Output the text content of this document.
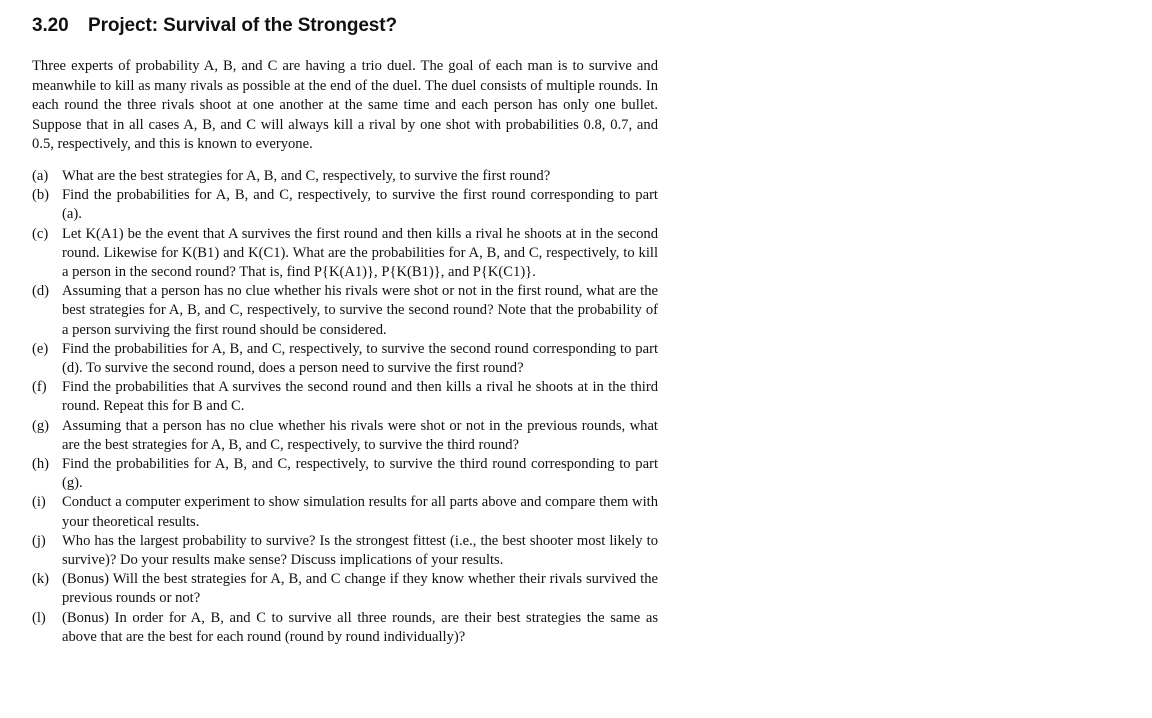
3.20 Project: Survival of the Strongest?

Three experts of probability A, B, and C are having a trio duel. The goal of each man is to survive and meanwhile to kill as many rivals as possible at the end of the duel. The duel consists of multiple rounds. In each round the three rivals shoot at one another at the same time and each person has only one bullet. Suppose that in all cases A, B, and C will always kill a rival by one shot with probabilities 0.8, 0.7, and 0.5, respectively, and this is known to everyone.

(a) What are the best strategies for A, B, and C, respectively, to survive the first round?
(b) Find the probabilities for A, B, and C, respectively, to survive the first round corresponding to part (a).
(c) Let K(A1) be the event that A survives the first round and then kills a rival he shoots at in the second round. Likewise for K(B1) and K(C1). What are the probabilities for A, B, and C, respectively, to kill a person in the second round? That is, find P{K(A1)}, P{K(B1)}, and P{K(C1)}.
(d) Assuming that a person has no clue whether his rivals were shot or not in the first round, what are the best strategies for A, B, and C, respectively, to survive the second round? Note that the probability of a person surviving the first round should be considered.
(e) Find the probabilities for A, B, and C, respectively, to survive the second round corresponding to part (d). To survive the second round, does a person need to survive the first round?
(f) Find the probabilities that A survives the second round and then kills a rival he shoots at in the third round. Repeat this for B and C.
(g) Assuming that a person has no clue whether his rivals were shot or not in the previous rounds, what are the best strategies for A, B, and C, respectively, to survive the third round?
(h) Find the probabilities for A, B, and C, respectively, to survive the third round corresponding to part (g).
(i) Conduct a computer experiment to show simulation results for all parts above and compare them with your theoretical results.
(j) Who has the largest probability to survive? Is the strongest fittest (i.e., the best shooter most likely to survive)? Do your results make sense? Discuss implications of your results.
(k) (Bonus) Will the best strategies for A, B, and C change if they know whether their rivals survived the previous rounds or not?
(l) (Bonus) In order for A, B, and C to survive all three rounds, are their best strategies the same as above that are the best for each round (round by round individually)?
